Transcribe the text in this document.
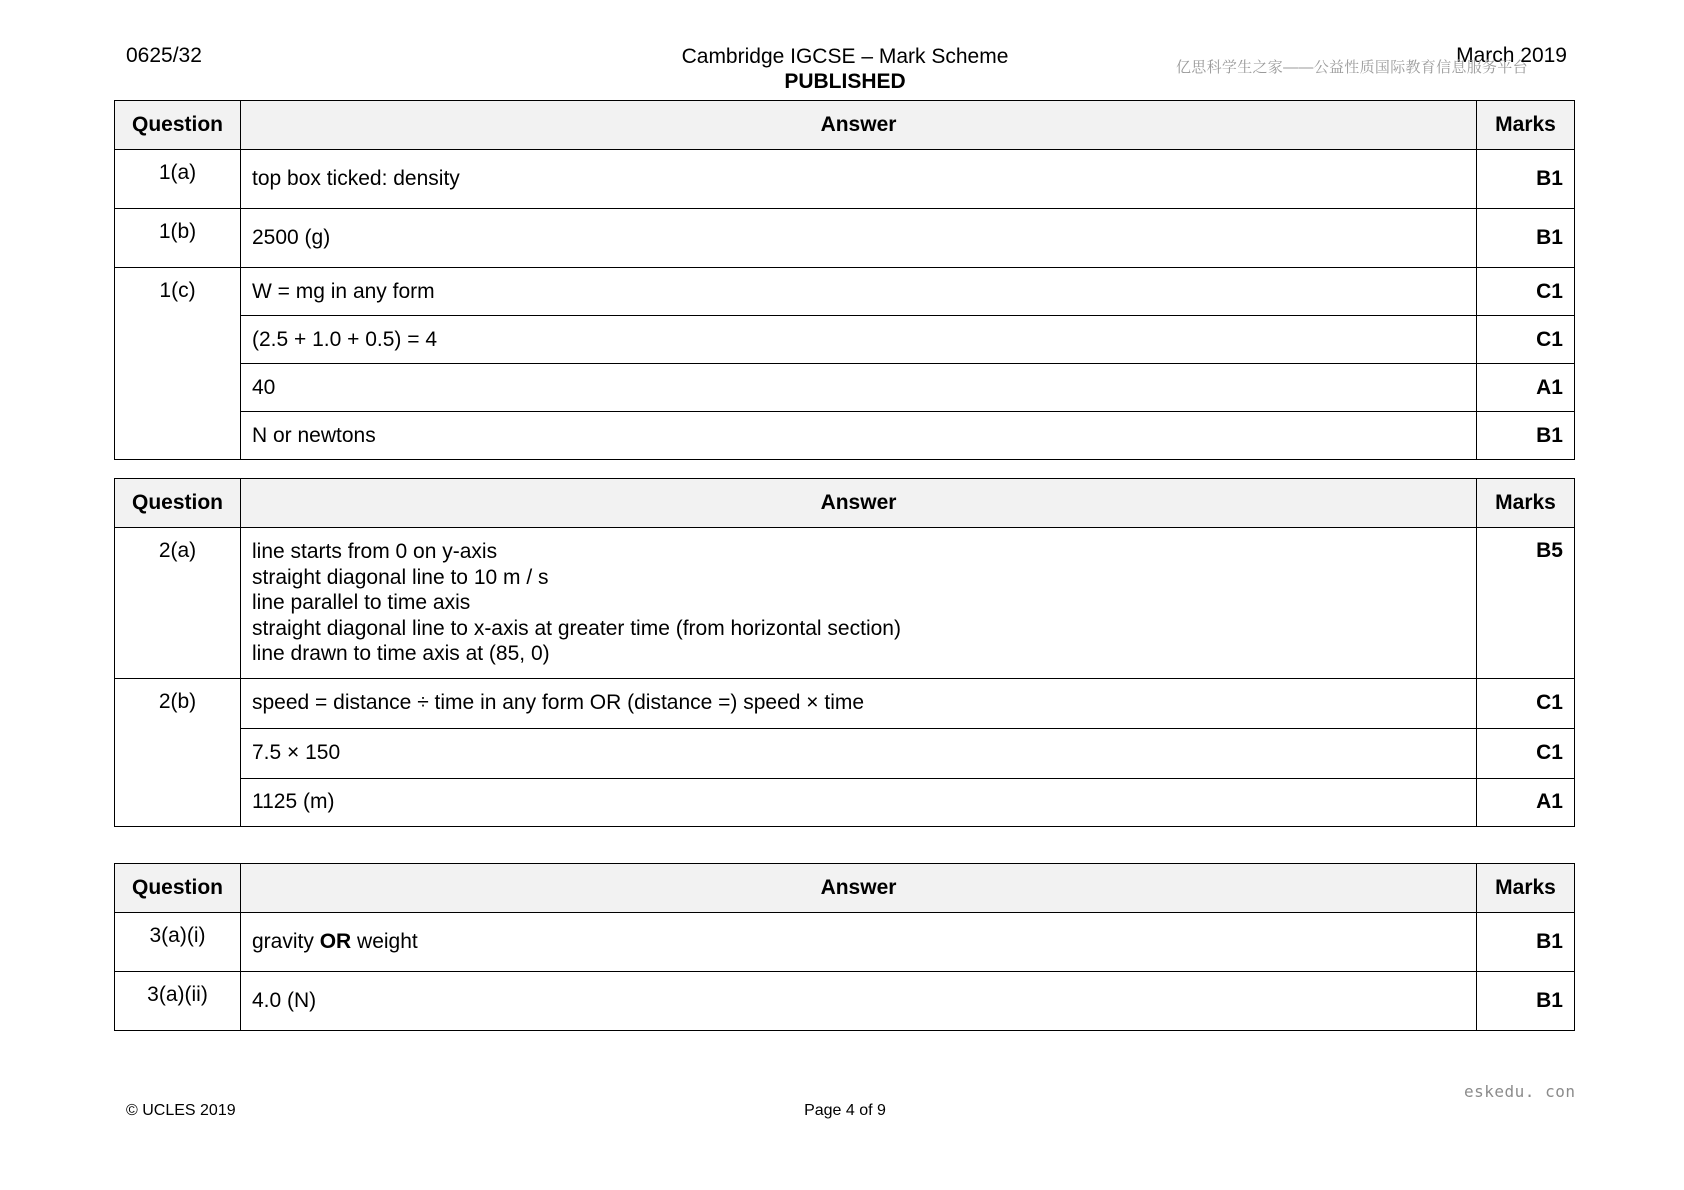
0625/32	Cambridge IGCSE – Mark Scheme
PUBLISHED
March 2019
亿思科学生之家——公益性质国际教育信息服务平台
Question	Answer	Marks
1(a)	top box ticked: density	B1
1(b)	2500 (g)	B1
1(c)	W = mg in any form	C1
	(2.5 + 1.0 + 0.5) = 4	C1
	40	A1
	N or newtons	B1
Question	Answer	Marks
2(a)	line starts from 0 on y-axis
straight diagonal line to 10 m / s
line parallel to time axis
straight diagonal line to x-axis at greater time (from horizontal section)
line drawn to time axis at (85, 0)	B5
2(b)	speed = distance ÷ time in any form OR (distance =) speed × time	C1
	7.5 × 150	C1
	1125 (m)	A1
Question	Answer	Marks
3(a)(i)	gravity OR weight	B1
3(a)(ii)	4.0 (N)	B1
eskedu. con
© UCLES 2019	Page 4 of 9
